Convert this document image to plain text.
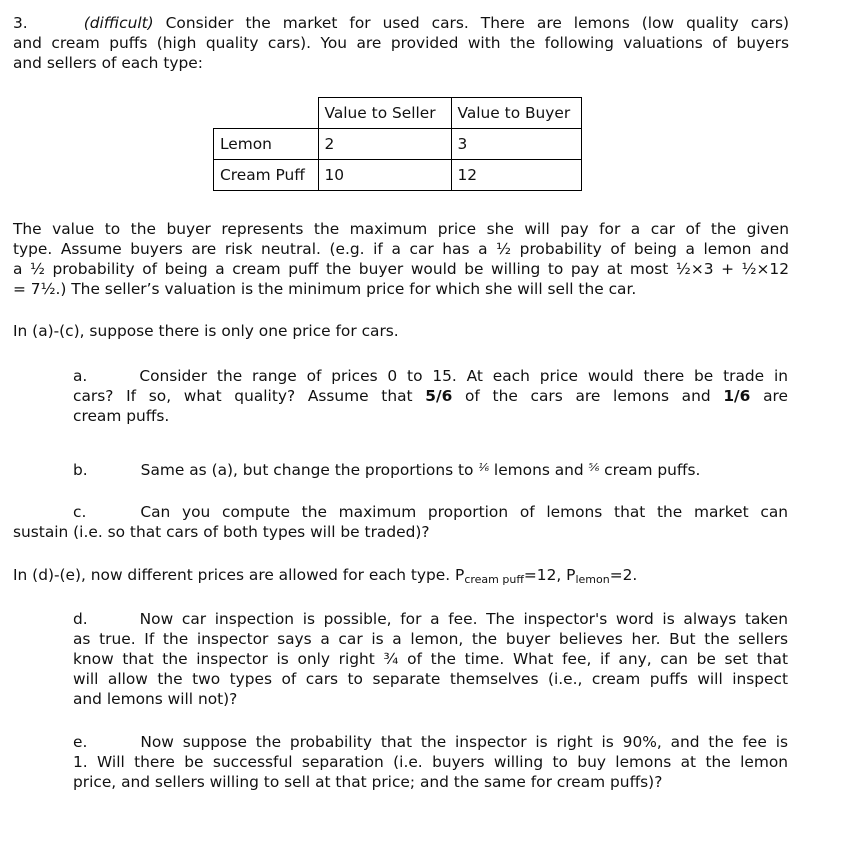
3.	(difficult) Consider the market for used cars. There are lemons (low quality cars)
and cream puffs (high quality cars). You are provided with the following valuations of buyers
and sellers of each type:
	Value to Seller	Value to Buyer
Lemon	2	3
Cream Puff	10	12
The value to the buyer represents the maximum price she will pay for a car of the given
type. Assume buyers are risk neutral. (e.g. if a car has a ½ probability of being a lemon and
a ½ probability of being a cream puff the buyer would be willing to pay at most ½×3 + ½×12
= 7½.) The seller’s valuation is the minimum price for which she will sell the car.
In (a)-(c), suppose there is only one price for cars.
a.	Consider the range of prices 0 to 15. At each price would there be trade in
cars? If so, what quality? Assume that 5/6 of the cars are lemons and 1/6 are
cream puffs.
b.	Same as (a), but change the proportions to $^{\frac{1}{6}}$ lemons and $^{\frac{5}{6}}$ cream puffs.
c.	Can you compute the maximum proportion of lemons that the market can
sustain (i.e. so that cars of both types will be traded)?
In (d)-(e), now different prices are allowed for each type. $P_{cream puff}=12$, $P_{lemon}=2$.
d.	Now car inspection is possible, for a fee. The inspector's word is always taken
as true. If the inspector says a car is a lemon, the buyer believes her. But the sellers
know that the inspector is only right ¾ of the time. What fee, if any, can be set that
will allow the two types of cars to separate themselves (i.e., cream puffs will inspect
and lemons will not)?
e.	Now suppose the probability that the inspector is right is 90%, and the fee is
1. Will there be successful separation (i.e. buyers willing to buy lemons at the lemon
price, and sellers willing to sell at that price; and the same for cream puffs)?
